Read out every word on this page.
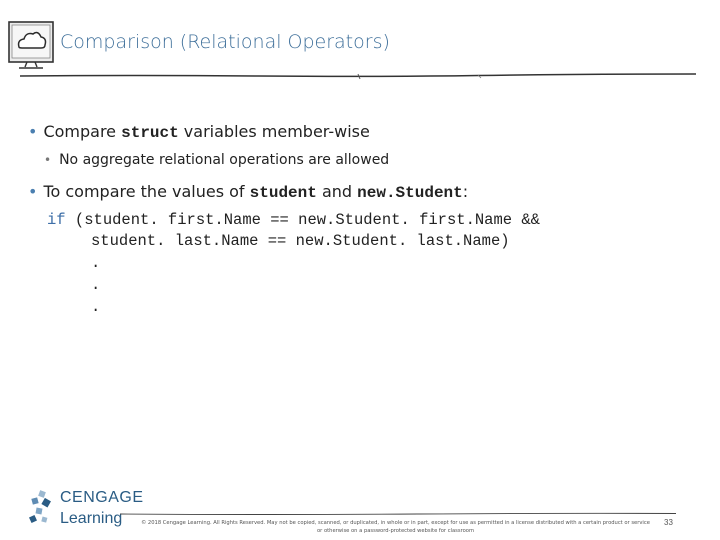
Comparison (Relational Operators)
• Compare struct variables member-wise
• No aggregate relational operations are allowed
• To compare the values of student and new.Student:
if (student. first.Name == new.Student. first.Name &&
student. last.Name == new.Student. last.Name)
.
.
.
CENGAGE
Learning	© 2018 Cengage Learning. All Rights Reserved. May not be copied, scanned, or duplicated, in whole or in part, except for use as permitted in a license distributed with a certain product or service
or otherwise on a password-protected website for classroom
33
